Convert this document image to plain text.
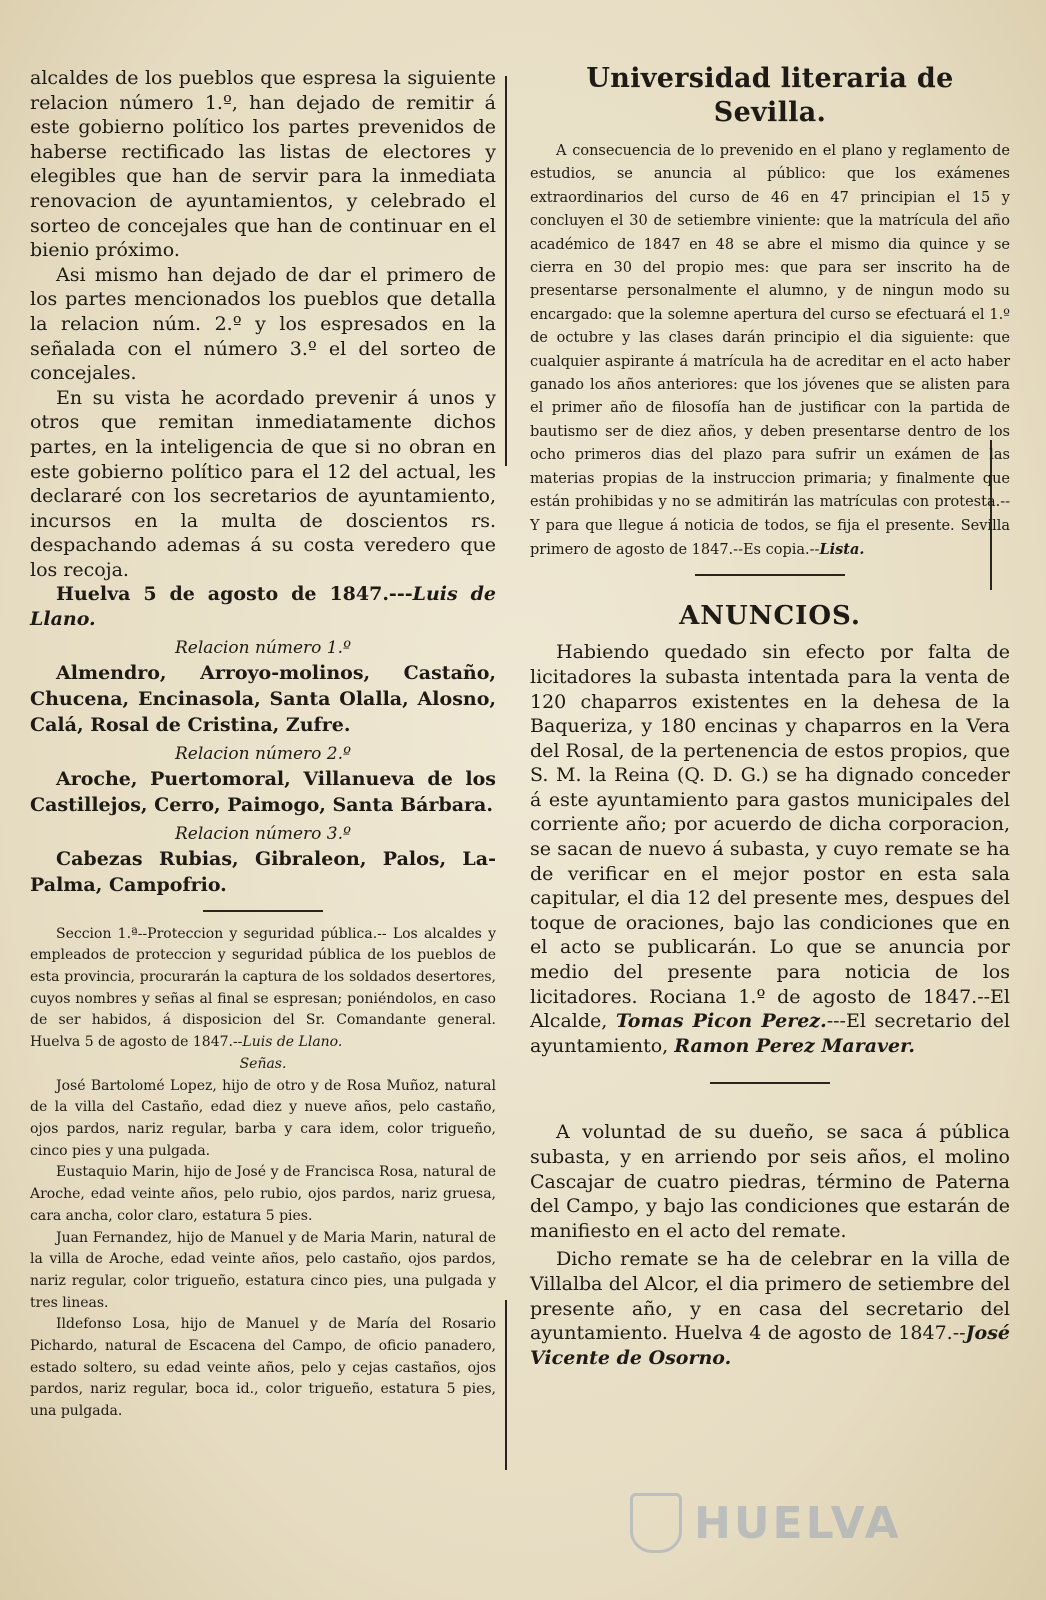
alcaldes de los pueblos que espresa la siguiente relacion número 1.º, han dejado de remitir á este gobierno político los partes prevenidos de haberse rectificado las listas de electores y elegibles que han de servir para la inmediata renovacion de ayuntamientos, y celebrado el sorteo de concejales que han de continuar en el bienio próximo.

Asi mismo han dejado de dar el primero de los partes mencionados los pueblos que detalla la relacion núm. 2.º y los espresados en la señalada con el número 3.º el del sorteo de concejales.

En su vista he acordado prevenir á unos y otros que remitan inmediatamente dichos partes, en la inteligencia de que si no obran en este gobierno político para el 12 del actual, les declararé con los secretarios de ayuntamiento, incursos en la multa de doscientos rs. despachando ademas á su costa veredero que los recoja.

Huelva 5 de agosto de 1847.---Luis de Llano.

Relacion número 1.º

Almendro, Arroyo-molinos, Castaño, Chucena, Encinasola, Santa Olalla, Alosno, Calá, Rosal de Cristina, Zufre.

Relacion número 2.º

Aroche, Puertomoral, Villanueva de los Castillejos, Cerro, Paimogo, Santa Bárbara.

Relacion número 3.º

Cabezas Rubias, Gibraleon, Palos, La-Palma, Campofrio.

Seccion 1.ª--Proteccion y seguridad pública.-- Los alcaldes y empleados de proteccion y seguridad pública de los pueblos de esta provincia, procurarán la captura de los soldados desertores, cuyos nombres y señas al final se espresan; poniéndolos, en caso de ser habidos, á disposicion del Sr. Comandante general. Huelva 5 de agosto de 1847.--Luis de Llano.

Señas.

José Bartolomé Lopez, hijo de otro y de Rosa Muñoz, natural de la villa del Castaño, edad diez y nueve años, pelo castaño, ojos pardos, nariz regular, barba y cara idem, color trigueño, cinco pies y una pulgada.

Eustaquio Marin, hijo de José y de Francisca Rosa, natural de Aroche, edad veinte años, pelo rubio, ojos pardos, nariz gruesa, cara ancha, color claro, estatura 5 pies.

Juan Fernandez, hijo de Manuel y de Maria Marin, natural de la villa de Aroche, edad veinte años, pelo castaño, ojos pardos, nariz regular, color trigueño, estatura cinco pies, una pulgada y tres lineas.

Ildefonso Losa, hijo de Manuel y de María del Rosario Pichardo, natural de Escacena del Campo, de oficio panadero, estado soltero, su edad veinte años, pelo y cejas castaños, ojos pardos, nariz regular, boca id., color trigueño, estatura 5 pies, una pulgada.

Universidad literaria de Sevilla.

A consecuencia de lo prevenido en el plano y reglamento de estudios, se anuncia al público: que los exámenes extraordinarios del curso de 46 en 47 principian el 15 y concluyen el 30 de setiembre viniente: que la matrícula del año académico de 1847 en 48 se abre el mismo dia quince y se cierra en 30 del propio mes: que para ser inscrito ha de presentarse personalmente el alumno, y de ningun modo su encargado: que la solemne apertura del curso se efectuará el 1.º de octubre y las clases darán principio el dia siguiente: que cualquier aspirante á matrícula ha de acreditar en el acto haber ganado los años anteriores: que los jóvenes que se alisten para el primer año de filosofía han de justificar con la partida de bautismo ser de diez años, y deben presentarse dentro de los ocho primeros dias del plazo para sufrir un exámen de las materias propias de la instruccion primaria; y finalmente que están prohibidas y no se admitirán las matrículas con protesta.--Y para que llegue á noticia de todos, se fija el presente. Sevilla primero de agosto de 1847.--Es copia.--Lista.

ANUNCIOS.

Habiendo quedado sin efecto por falta de licitadores la subasta intentada para la venta de 120 chaparros existentes en la dehesa de la Baqueriza, y 180 encinas y chaparros en la Vera del Rosal, de la pertenencia de estos propios, que S. M. la Reina (Q. D. G.) se ha dignado conceder á este ayuntamiento para gastos municipales del corriente año; por acuerdo de dicha corporacion, se sacan de nuevo á subasta, y cuyo remate se ha de verificar en el mejor postor en esta sala capitular, el dia 12 del presente mes, despues del toque de oraciones, bajo las condiciones que en el acto se publicarán. Lo que se anuncia por medio del presente para noticia de los licitadores. Rociana 1.º de agosto de 1847.--El Alcalde, Tomas Picon Perez.---El secretario del ayuntamiento, Ramon Perez Maraver.

A voluntad de su dueño, se saca á pública subasta, y en arriendo por seis años, el molino Cascajar de cuatro piedras, término de Paterna del Campo, y bajo las condiciones que estarán de manifiesto en el acto del remate.

Dicho remate se ha de celebrar en la villa de Villalba del Alcor, el dia primero de setiembre del presente año, y en casa del secretario del ayuntamiento. Huelva 4 de agosto de 1847.--José Vicente de Osorno.

HUELVA
